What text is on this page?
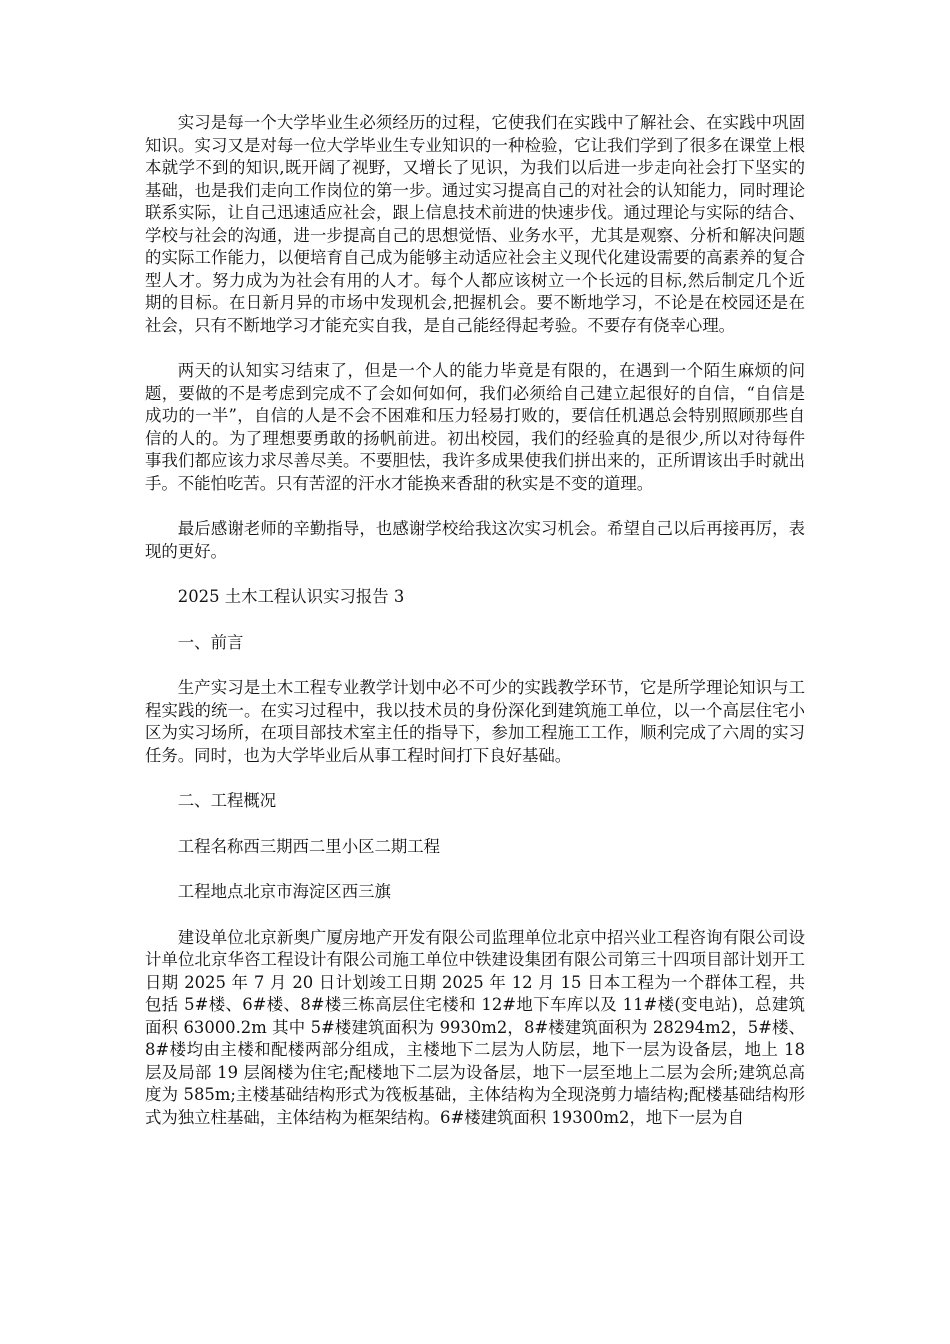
实习是每一个大学毕业生必须经历的过程，它使我们在实践中了解社会、在实践中巩固知识。实习又是对每一位大学毕业生专业知识的一种检验，它让我们学到了很多在课堂上根本就学不到的知识,既开阔了视野，又增长了见识，为我们以后进一步走向社会打下坚实的基础，也是我们走向工作岗位的第一步。通过实习提高自己的对社会的认知能力，同时理论联系实际，让自己迅速适应社会，跟上信息技术前进的快速步伐。通过理论与实际的结合、学校与社会的沟通，进一步提高自己的思想觉悟、业务水平，尤其是观察、分析和解决问题的实际工作能力，以便培育自己成为能够主动适应社会主义现代化建设需要的高素养的复合型人才。努力成为为社会有用的人才。每个人都应该树立一个长远的目标,然后制定几个近期的目标。在日新月异的市场中发现机会,把握机会。要不断地学习，不论是在校园还是在社会，只有不断地学习才能充实自我，是自己能经得起考验。不要存有侥幸心理。

两天的认知实习结束了，但是一个人的能力毕竟是有限的，在遇到一个陌生麻烦的问题，要做的不是考虑到完成不了会如何如何，我们必须给自己建立起很好的自信，“自信是成功的一半”，自信的人是不会不困难和压力轻易打败的，要信任机遇总会特别照顾那些自信的人的。为了理想要勇敢的扬帆前进。初出校园，我们的经验真的是很少,所以对待每件事我们都应该力求尽善尽美。不要胆怯，我许多成果使我们拼出来的，正所谓该出手时就出手。不能怕吃苦。只有苦涩的汗水才能换来香甜的秋实是不变的道理。

最后感谢老师的辛勤指导，也感谢学校给我这次实习机会。希望自己以后再接再厉，表现的更好。

2025 土木工程认识实习报告 3

一、前言

生产实习是土木工程专业教学计划中必不可少的实践教学环节，它是所学理论知识与工程实践的统一。在实习过程中，我以技术员的身份深化到建筑施工单位，以一个高层住宅小区为实习场所，在项目部技术室主任的指导下，参加工程施工工作，顺利完成了六周的实习任务。同时，也为大学毕业后从事工程时间打下良好基础。

二、工程概况

工程名称西三期西二里小区二期工程

工程地点北京市海淀区西三旗

建设单位北京新奥广厦房地产开发有限公司监理单位北京中招兴业工程咨询有限公司设计单位北京华咨工程设计有限公司施工单位中铁建设集团有限公司第三十四项目部计划开工日期 2025 年 7 月 20 日计划竣工日期 2025 年 12 月 15 日本工程为一个群体工程，共包括 5#楼、6#楼、8#楼三栋高层住宅楼和 12#地下车库以及 11#楼(变电站)，总建筑面积 63000.2m 其中 5#楼建筑面积为 9930m2，8#楼建筑面积为 28294m2，5#楼、8#楼均由主楼和配楼两部分组成，主楼地下二层为人防层，地下一层为设备层，地上 18 层及局部 19 层阁楼为住宅;配楼地下二层为设备层，地下一层至地上二层为会所;建筑总高度为 585m;主楼基础结构形式为筏板基础，主体结构为全现浇剪力墙结构;配楼基础结构形式为独立柱基础，主体结构为框架结构。6#楼建筑面积 19300m2，地下一层为自
